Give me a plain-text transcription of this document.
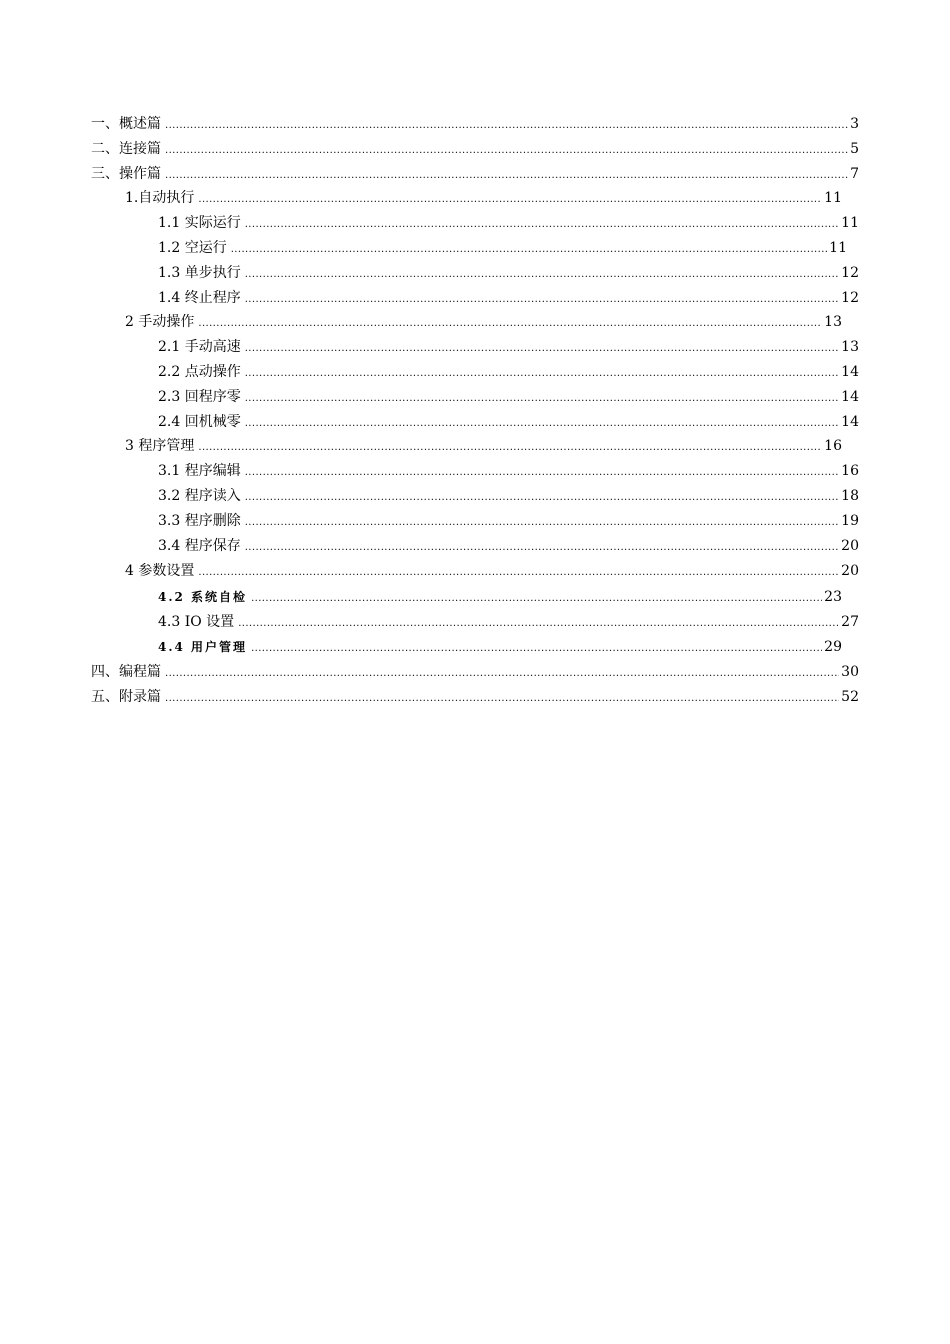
一、概述篇 .....	3
二、连接篇 .....	5
三、操作篇 .....	7
1.自动执行 .....	11
1.1 实际运行 .....	11
1.2 空运行 .....	11
1.3 单步执行 .....	12
1.4 终止程序 .....	12
2 手动操作 .....	13
2.1 手动高速 .....	13
2.2 点动操作 .....	14
2.3 回程序零 .....	14
2.4 回机械零 .....	14
3 程序管理 .....	16
3.1 程序编辑 .....	16
3.2 程序读入 .....	18
3.3 程序删除 .....	19
3.4 程序保存 .....	20
4 参数设置 .....	20
4.2 系统自检 .....	23
4.3 IO 设置 .....	27
4.4 用户管理 .....	29
四、编程篇 .....	30
五、附录篇 .....	52
